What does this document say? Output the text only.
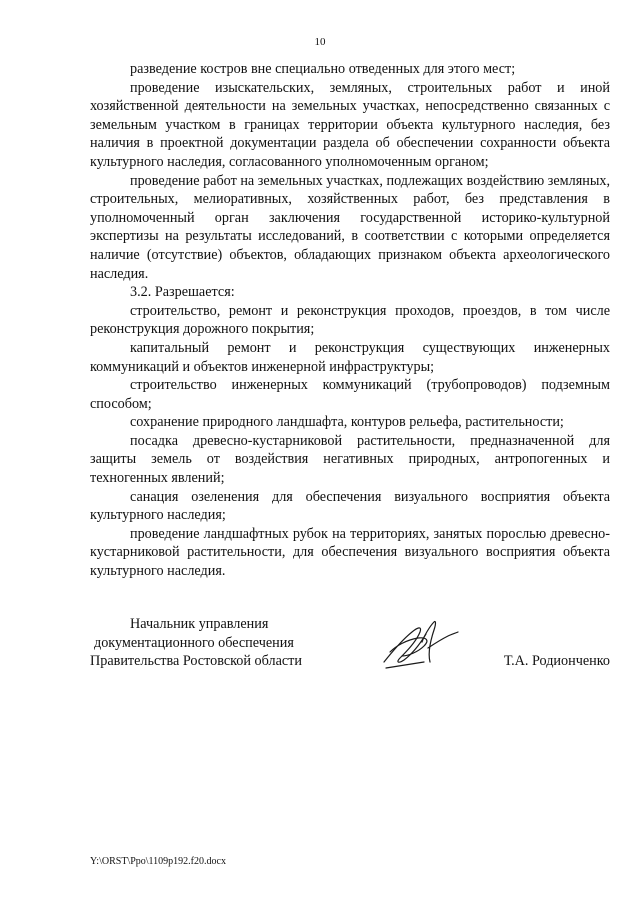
10

разведение костров вне специально отведенных для этого мест;

проведение изыскательских, земляных, строительных работ и иной хозяйственной деятельности на земельных участках, непосредственно связанных с земельным участком в границах территории объекта культурного наследия, без наличия в проектной документации раздела об обеспечении сохранности объекта культурного наследия, согласованного уполномоченным органом;

проведение работ на земельных участках, подлежащих воздействию земляных, строительных, мелиоративных, хозяйственных работ, без представления в уполномоченный орган заключения государственной историко-культурной экспертизы на результаты исследований, в соответствии с которыми определяется наличие (отсутствие) объектов, обладающих признаком объекта археологического наследия.

3.2. Разрешается:

строительство, ремонт и реконструкция проходов, проездов, в том числе реконструкция дорожного покрытия;

капитальный ремонт и реконструкция существующих инженерных коммуникаций и объектов инженерной инфраструктуры;

строительство инженерных коммуникаций (трубопроводов) подземным способом;

сохранение природного ландшафта, контуров рельефа, растительности;

посадка древесно-кустарниковой растительности, предназначенной для защиты земель от воздействия негативных природных, антропогенных и техногенных явлений;

санация озеленения для обеспечения визуального восприятия объекта культурного наследия;

проведение ландшафтных рубок на территориях, занятых порослью древесно-кустарниковой растительности, для обеспечения визуального восприятия объекта культурного наследия.

Начальник управления
документационного обеспечения
Правительства Ростовской области	Т.А. Родионченко
Y:\ORST\Ppo\1109p192.f20.docx
